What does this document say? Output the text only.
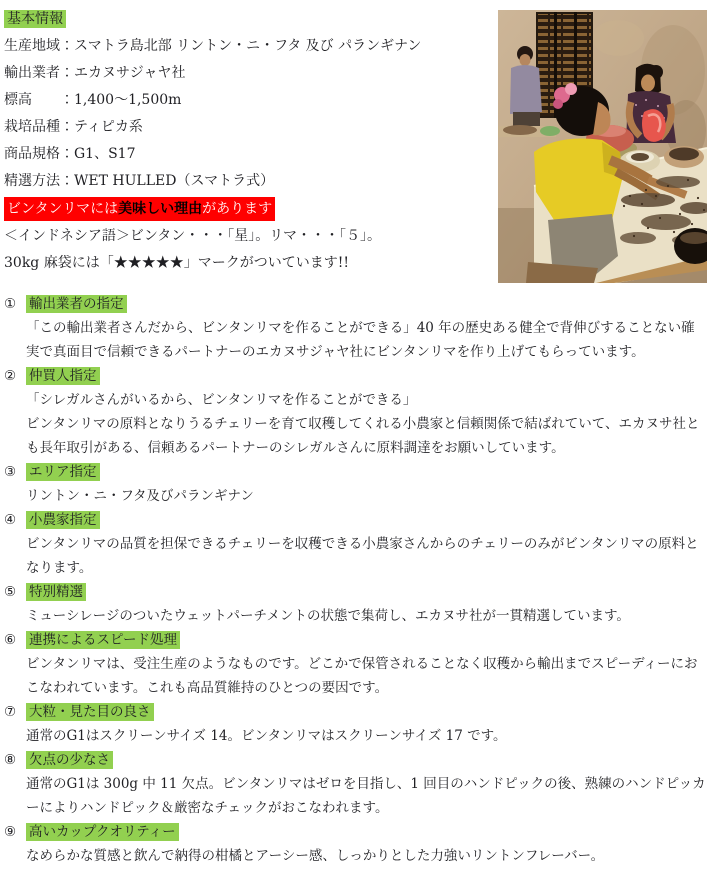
基本情報
生産地域：スマトラ島北部 リントン・ニ・フタ 及び パランギナン
輸出業者：エカヌサジャヤ社
標高　　：1,400～1,500m
栽培品種：ティピカ系
商品規格：G1、S17
精選方法：WET HULLED（スマトラ式）
ビンタンリマには美味しい理由があります
＜インドネシア語＞ビンタン・・・「星」。リマ・・・「５」。
30kg 麻袋には「★★★★★」マークがついています!!
① 輸出業者の指定

「この輸出業者さんだから、ビンタンリマを作ることができる」40 年の歴史ある健全で背伸びすることない確実で真面目で信頼できるパートナーのエカヌサジャヤ社にビンタンリマを作り上げてもらっています。

② 仲買人指定

「シレガルさんがいるから、ビンタンリマを作ることができる」

ビンタンリマの原料となりうるチェリーを育て収穫してくれる小農家と信頼関係で結ばれていて、エカヌサ社とも長年取引がある、信頼あるパートナーのシレガルさんに原料調達をお願いしています。

③ エリア指定

リントン・ニ・フタ及びパランギナン

④ 小農家指定

ビンタンリマの品質を担保できるチェリーを収穫できる小農家さんからのチェリーのみがビンタンリマの原料となります。

⑤ 特別精選

ミューシレージのついたウェットパーチメントの状態で集荷し、エカヌサ社が一貫精選しています。

⑥ 連携によるスピード処理

ビンタンリマは、受注生産のようなものです。どこかで保管されることなく収穫から輸出までスピーディーにおこなわれています。これも高品質維持のひとつの要因です。

⑦ 大粒・見た目の良さ

通常のG1はスクリーンサイズ 14。ビンタンリマはスクリーンサイズ 17 です。

⑧ 欠点の少なさ

通常のG1は 300g 中 11 欠点。ビンタンリマはゼロを目指し、1 回目のハンドピックの後、熟練のハンドピッカーによりハンドピック＆厳密なチェックがおこなわれます。

⑨ 高いカップクオリティー

なめらかな質感と飲んで納得の柑橘とアーシー感、しっかりとした力強いリントンフレーバー。
